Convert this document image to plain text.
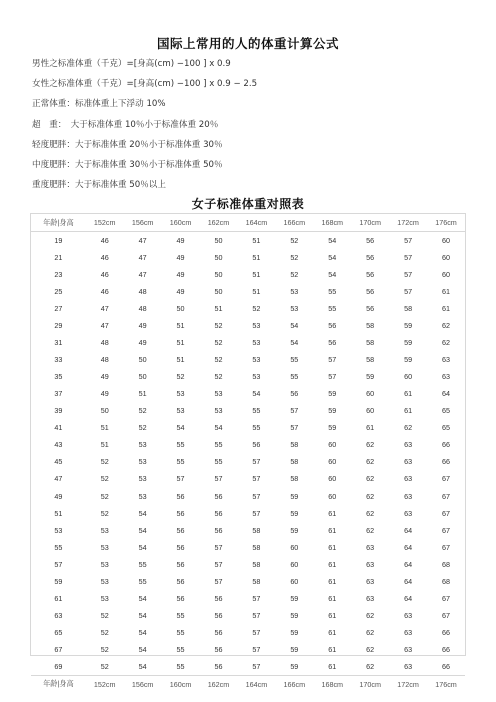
国际上常用的人的体重计算公式
男性之标准体重（千克）=[身高(cm) −100 ] x 0.9
女性之标准体重（千克）=[身高(cm) −100 ] x 0.9 − 2.5
正常体重：标准体重上下浮动 10%
超　重：　大于标准体重 10％小于标准体重 20％
轻度肥胖：大于标准体重 20％小于标准体重 30％
中度肥胖：大于标准体重 30％小于标准体重 50％
重度肥胖：大于标准体重 50％以上
女子标准体重对照表
年龄|身高	152cm	156cm	160cm	162cm	164cm	166cm	168cm	170cm	172cm	176cm
19	46	47	49	50	51	52	54	56	57	60
21	46	47	49	50	51	52	54	56	57	60
23	46	47	49	50	51	52	54	56	57	60
25	46	48	49	50	51	53	55	56	57	61
27	47	48	50	51	52	53	55	56	58	61
29	47	49	51	52	53	54	56	58	59	62
31	48	49	51	52	53	54	56	58	59	62
33	48	50	51	52	53	55	57	58	59	63
35	49	50	52	52	53	55	57	59	60	63
37	49	51	53	53	54	56	59	60	61	64
39	50	52	53	53	55	57	59	60	61	65
41	51	52	54	54	55	57	59	61	62	65
43	51	53	55	55	56	58	60	62	63	66
45	52	53	55	55	57	58	60	62	63	66
47	52	53	57	57	57	58	60	62	63	67
49	52	53	56	56	57	59	60	62	63	67
51	52	54	56	56	57	59	61	62	63	67
53	53	54	56	56	58	59	61	62	64	67
55	53	54	56	57	58	60	61	63	64	67
57	53	55	56	57	58	60	61	63	64	68
59	53	55	56	57	58	60	61	63	64	68
61	53	54	56	56	57	59	61	63	64	67
63	52	54	55	56	57	59	61	62	63	67
65	52	54	55	56	57	59	61	62	63	66
67	52	54	55	56	57	59	61	62	63	66
69	52	54	55	56	57	59	61	62	63	66
年龄|身高	152cm	156cm	160cm	162cm	164cm	166cm	168cm	170cm	172cm	176cm
